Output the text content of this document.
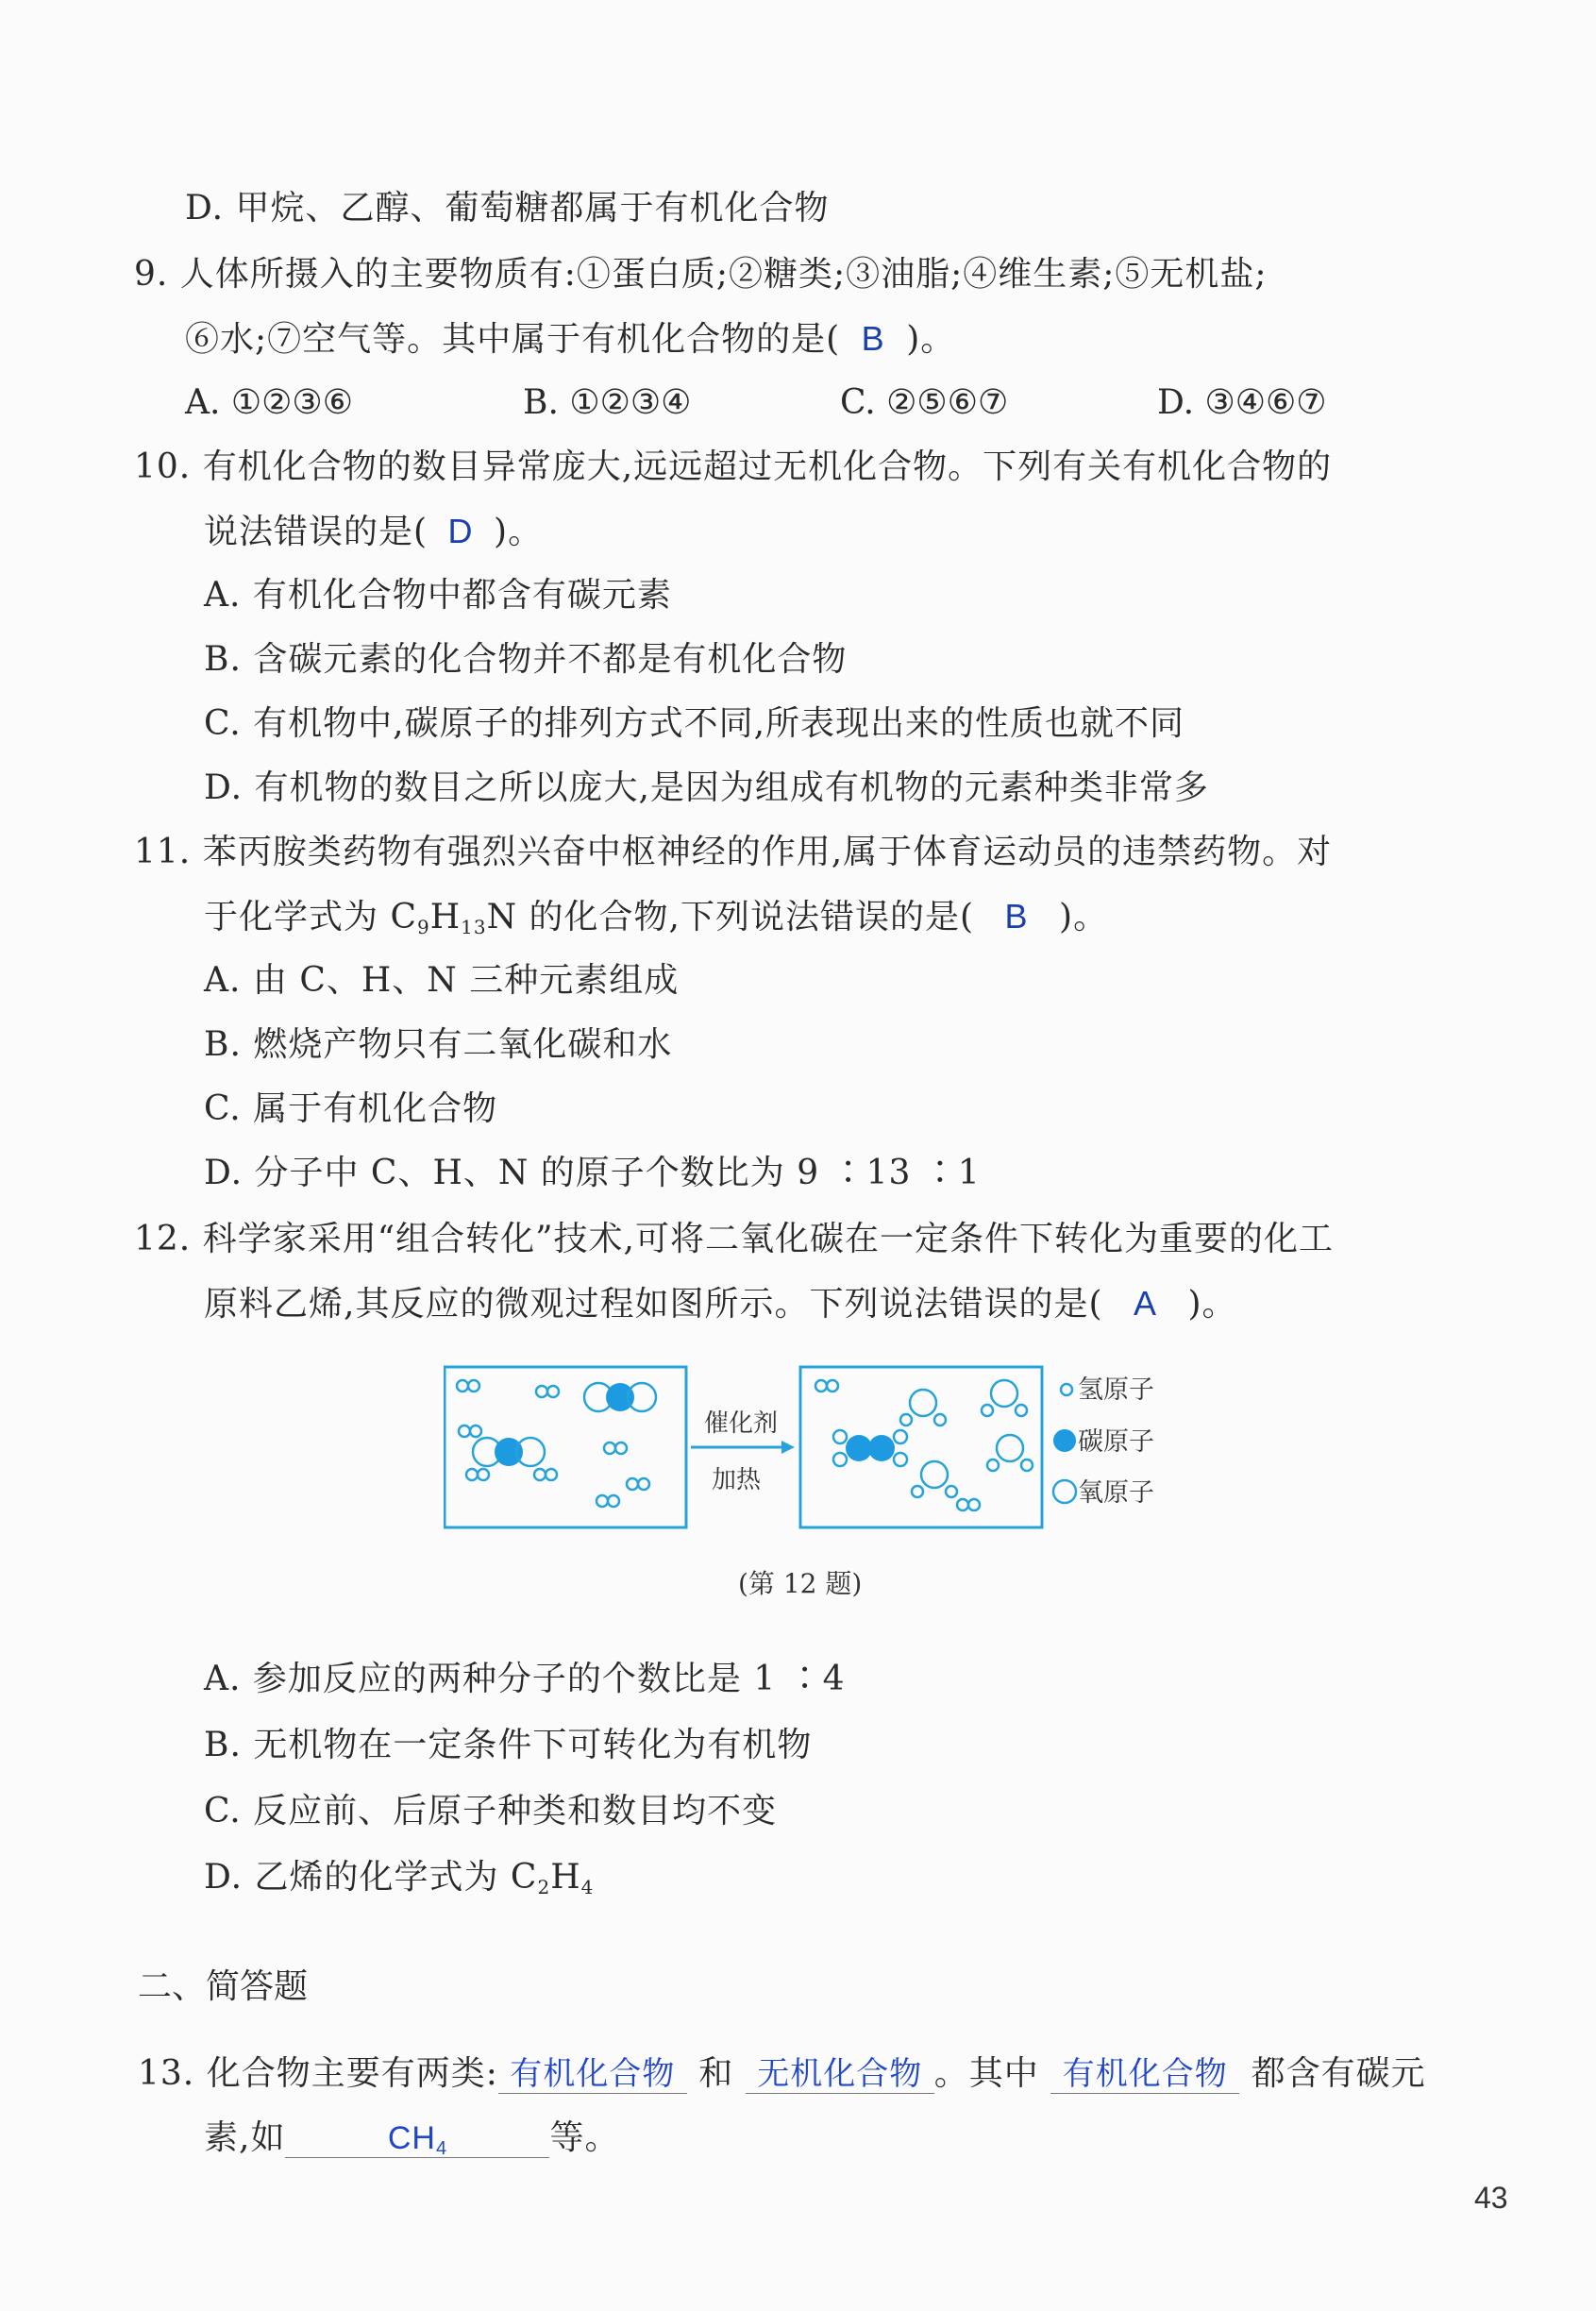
D. 甲烷、乙醇、葡萄糖都属于有机化合物
9. 人体所摄入的主要物质有:①蛋白质;②糖类;③油脂;④维生素;⑤无机盐;
⑥水;⑦空气等。其中属于有机化合物的是( B )。
A. ①②③⑥	B. ①②③④	C. ②⑤⑥⑦	D. ③④⑥⑦
10. 有机化合物的数目异常庞大,远远超过无机化合物。下列有关有机化合物的
说法错误的是( D )。
A. 有机化合物中都含有碳元素
B. 含碳元素的化合物并不都是有机化合物
C. 有机物中,碳原子的排列方式不同,所表现出来的性质也就不同
D. 有机物的数目之所以庞大,是因为组成有机物的元素种类非常多
11. 苯丙胺类药物有强烈兴奋中枢神经的作用,属于体育运动员的违禁药物。对
于化学式为 $C_9H_{13}N$ 的化合物,下列说法错误的是( B )。
A. 由 C、H、N 三种元素组成
B. 燃烧产物只有二氧化碳和水
C. 属于有机化合物
D. 分子中 C、H、N 的原子个数比为 9 ∶13 ∶1
12. 科学家采用“组合转化”技术,可将二氧化碳在一定条件下转化为重要的化工
原料乙烯,其反应的微观过程如图所示。下列说法错误的是( A )。
催化剂
加热
氢原子
碳原子
氧原子
(第 12 题)
A. 参加反应的两种分子的个数比是 1 ∶4
B. 无机物在一定条件下可转化为有机物
C. 反应前、后原子种类和数目均不变
D. 乙烯的化学式为 $C_2H_4$
二、简答题
13. 化合物主要有两类: 有机化合物 和 无机化合物 。其中 有机化合物 都含有碳元
素,如	$CH_4$	等。
43
